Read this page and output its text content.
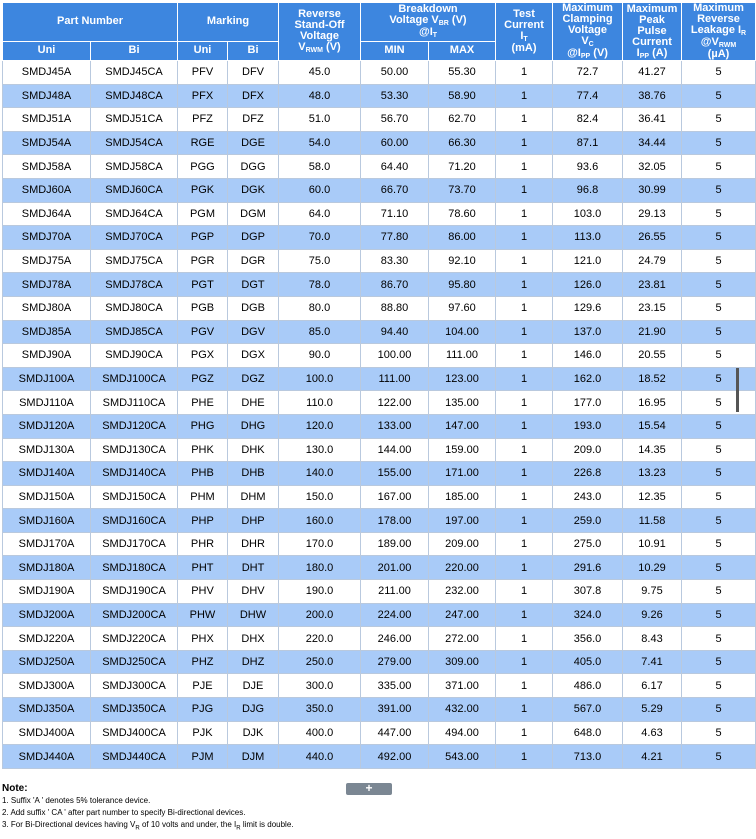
Part Number		Marking		Reverse
Stand-Off
Voltage
$V_{RWM}$ (V)	Breakdown
Voltage $V_{BR}$ (V)
$@I_T$		Test
Current
$I_T$
(mA)	Maximum
Clamping
Voltage
$V_C$
$@I_{PP}$ (V)	Maximum
Peak
Pulse
Current
$I_{PP}$ (A)	Maximum
Reverse
Leakage $I_R$
$@V_{RWM}$
(µA)
Uni	Bi	Uni	Bi		MIN	MAX				
SMDJ45A	SMDJ45CA	PFV	DFV	45.0	50.00	55.30	1	72.7	41.27	5
SMDJ48A	SMDJ48CA	PFX	DFX	48.0	53.30	58.90	1	77.4	38.76	5
SMDJ51A	SMDJ51CA	PFZ	DFZ	51.0	56.70	62.70	1	82.4	36.41	5
SMDJ54A	SMDJ54CA	RGE	DGE	54.0	60.00	66.30	1	87.1	34.44	5
SMDJ58A	SMDJ58CA	PGG	DGG	58.0	64.40	71.20	1	93.6	32.05	5
SMDJ60A	SMDJ60CA	PGK	DGK	60.0	66.70	73.70	1	96.8	30.99	5
SMDJ64A	SMDJ64CA	PGM	DGM	64.0	71.10	78.60	1	103.0	29.13	5
SMDJ70A	SMDJ70CA	PGP	DGP	70.0	77.80	86.00	1	113.0	26.55	5
SMDJ75A	SMDJ75CA	PGR	DGR	75.0	83.30	92.10	1	121.0	24.79	5
SMDJ78A	SMDJ78CA	PGT	DGT	78.0	86.70	95.80	1	126.0	23.81	5
SMDJ80A	SMDJ80CA	PGB	DGB	80.0	88.80	97.60	1	129.6	23.15	5
SMDJ85A	SMDJ85CA	PGV	DGV	85.0	94.40	104.00	1	137.0	21.90	5
SMDJ90A	SMDJ90CA	PGX	DGX	90.0	100.00	111.00	1	146.0	20.55	5
SMDJ100A	SMDJ100CA	PGZ	DGZ	100.0	111.00	123.00	1	162.0	18.52	5
SMDJ110A	SMDJ110CA	PHE	DHE	110.0	122.00	135.00	1	177.0	16.95	5
SMDJ120A	SMDJ120CA	PHG	DHG	120.0	133.00	147.00	1	193.0	15.54	5
SMDJ130A	SMDJ130CA	PHK	DHK	130.0	144.00	159.00	1	209.0	14.35	5
SMDJ140A	SMDJ140CA	PHB	DHB	140.0	155.00	171.00	1	226.8	13.23	5
SMDJ150A	SMDJ150CA	PHM	DHM	150.0	167.00	185.00	1	243.0	12.35	5
SMDJ160A	SMDJ160CA	PHP	DHP	160.0	178.00	197.00	1	259.0	11.58	5
SMDJ170A	SMDJ170CA	PHR	DHR	170.0	189.00	209.00	1	275.0	10.91	5
SMDJ180A	SMDJ180CA	PHT	DHT	180.0	201.00	220.00	1	291.6	10.29	5
SMDJ190A	SMDJ190CA	PHV	DHV	190.0	211.00	232.00	1	307.8	9.75	5
SMDJ200A	SMDJ200CA	PHW	DHW	200.0	224.00	247.00	1	324.0	9.26	5
SMDJ220A	SMDJ220CA	PHX	DHX	220.0	246.00	272.00	1	356.0	8.43	5
SMDJ250A	SMDJ250CA	PHZ	DHZ	250.0	279.00	309.00	1	405.0	7.41	5
SMDJ300A	SMDJ300CA	PJE	DJE	300.0	335.00	371.00	1	486.0	6.17	5
SMDJ350A	SMDJ350CA	PJG	DJG	350.0	391.00	432.00	1	567.0	5.29	5
SMDJ400A	SMDJ400CA	PJK	DJK	400.0	447.00	494.00	1	648.0	4.63	5
SMDJ440A	SMDJ440CA	PJM	DJM	440.0	492.00	543.00	1	713.0	4.21	5
+
Note:
1. Suffix 'A ' denotes 5% tolerance device.
2. Add suffix ' CA ' after part number to specify Bi-directional devices.
3. For Bi-Directional devices having $V_R$ of 10 volts and under, the $I_R$ limit is double.
